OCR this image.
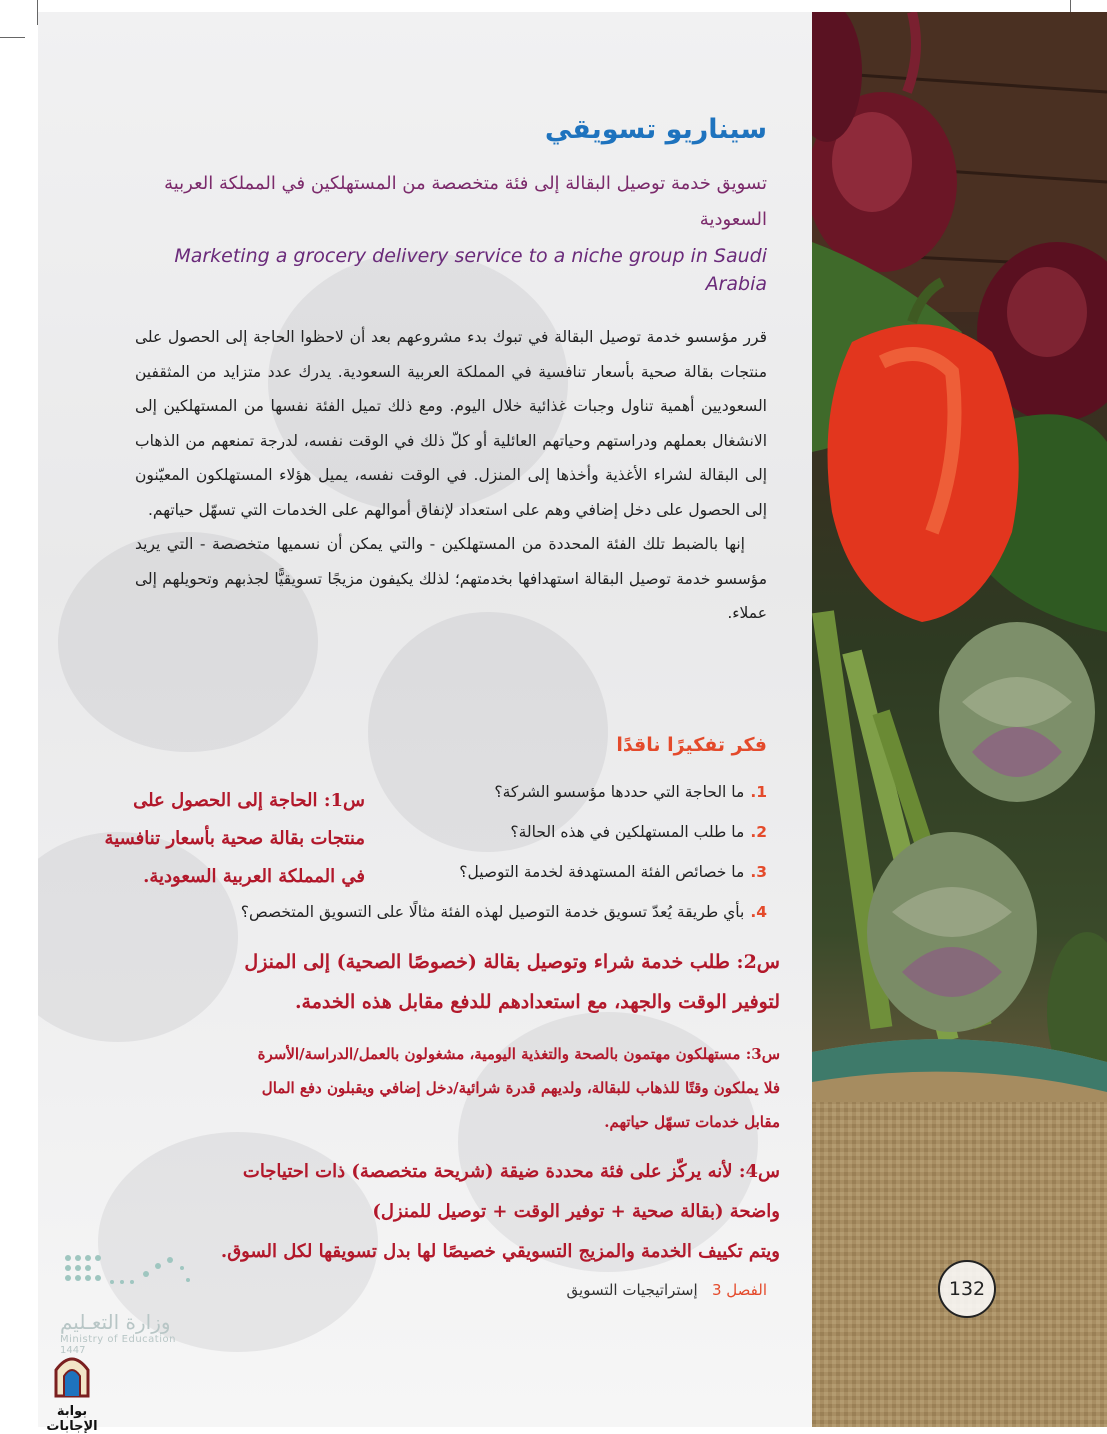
سيناريو تسويقي
تسويق خدمة توصيل البقالة إلى فئة متخصصة من المستهلكين في المملكة العربية السعودية
Marketing a grocery delivery service to a niche group in Saudi Arabia

قرر مؤسسو خدمة توصيل البقالة في تبوك بدء مشروعهم بعد أن لاحظوا الحاجة إلى الحصول على منتجات بقالة صحية بأسعار تنافسية في المملكة العربية السعودية. يدرك عدد متزايد من المثقفين السعوديين أهمية تناول وجبات غذائية خلال اليوم. ومع ذلك تميل الفئة نفسها من المستهلكين إلى الانشغال بعملهم ودراستهم وحياتهم العائلية أو كلّ ذلك في الوقت نفسه، لدرجة تمنعهم من الذهاب إلى البقالة لشراء الأغذية وأخذها إلى المنزل. في الوقت نفسه، يميل هؤلاء المستهلكون المعيّنون إلى الحصول على دخل إضافي وهم على استعداد لإنفاق أموالهم على الخدمات التي تسهّل حياتهم.

إنها بالضبط تلك الفئة المحددة من المستهلكين - والتي يمكن أن نسميها متخصصة - التي يريد مؤسسو خدمة توصيل البقالة استهدافها بخدمتهم؛ لذلك يكيفون مزيجًا تسويقيًّا لجذبهم وتحويلهم إلى عملاء.

فكر تفكيرًا ناقدًا
1.ما الحاجة التي حددها مؤسسو الشركة؟
2.ما طلب المستهلكين في هذه الحالة؟
3.ما خصائص الفئة المستهدفة لخدمة التوصيل؟
4.بأي طريقة يُعدّ تسويق خدمة التوصيل لهذه الفئة مثالًا على التسويق المتخصص؟
س1: الحاجة إلى الحصول على
منتجات بقالة صحية بأسعار تنافسية
في المملكة العربية السعودية.
س2: طلب خدمة شراء وتوصيل بقالة (خصوصًا الصحية) إلى المنزل
لتوفير الوقت والجهد، مع استعدادهم للدفع مقابل هذه الخدمة.
س3: مستهلكون مهتمون بالصحة والتغذية اليومية، مشغولون بالعمل/الدراسة/الأسرة
فلا يملكون وقتًا للذهاب للبقالة، ولديهم قدرة شرائية/دخل إضافي ويقبلون دفع المال
مقابل خدمات تسهّل حياتهم.
س4: لأنه يركّز على فئة محددة ضيقة (شريحة متخصصة) ذات احتياجات
واضحة (بقالة صحية + توفير الوقت + توصيل للمنزل)
ويتم تكييف الخدمة والمزيج التسويقي خصيصًا لها بدل تسويقها لكل السوق.
الفصل 3   إستراتيجيات التسويق	132
وزارة التعـليم
Ministry of Education
1447
بوابة الإجابات
